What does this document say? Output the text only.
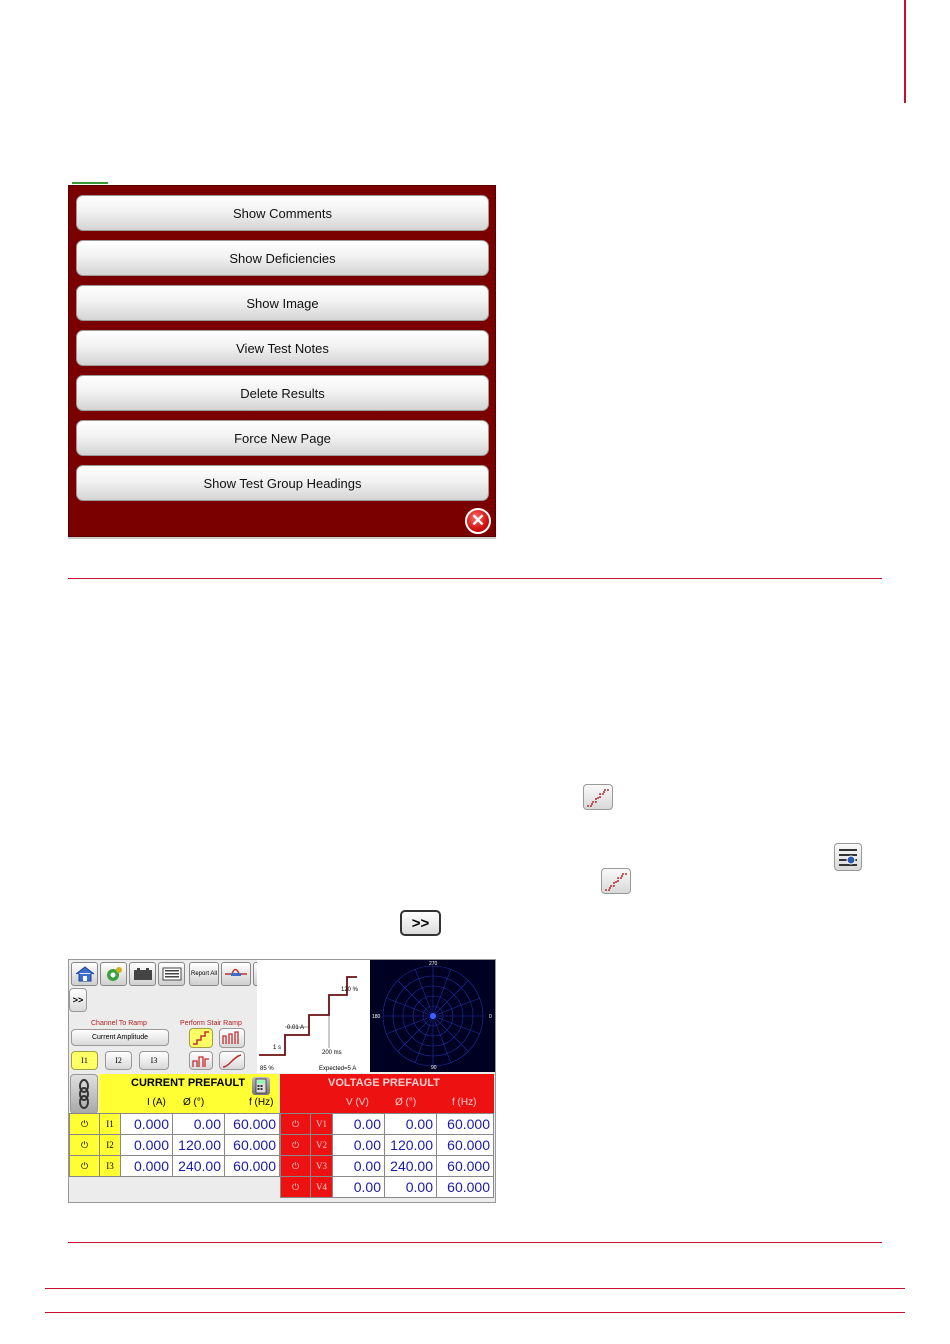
Show Comments
Show Deficiencies
Show Image
View Test Notes
Delete Results
Force New Page
Show Test Group Headings
✕
>>
Report All
>>
Channel To Ramp	Perform Stair Ramp
Current Amplitude
I1	I2	I3
120 %
0.01 A
1 s
200 ms
85 %	Expected=5 A
270
180	0
90
CURRENT PREFAULT
I (A) Ø (°)	f (Hz)
VOLTAGE PREFAULT
V (V)	Ø (°)	f (Hz)
⏻	I1	0.000	0.00	60.000
⏻	I2	0.000	120.00	60.000
⏻	I3	0.000	240.00	60.000
⏻	V1	0.00	0.00	60.000
⏻	V2	0.00	120.00	60.000
⏻	V3	0.00	240.00	60.000
⏻	V4	0.00	0.00	60.000
